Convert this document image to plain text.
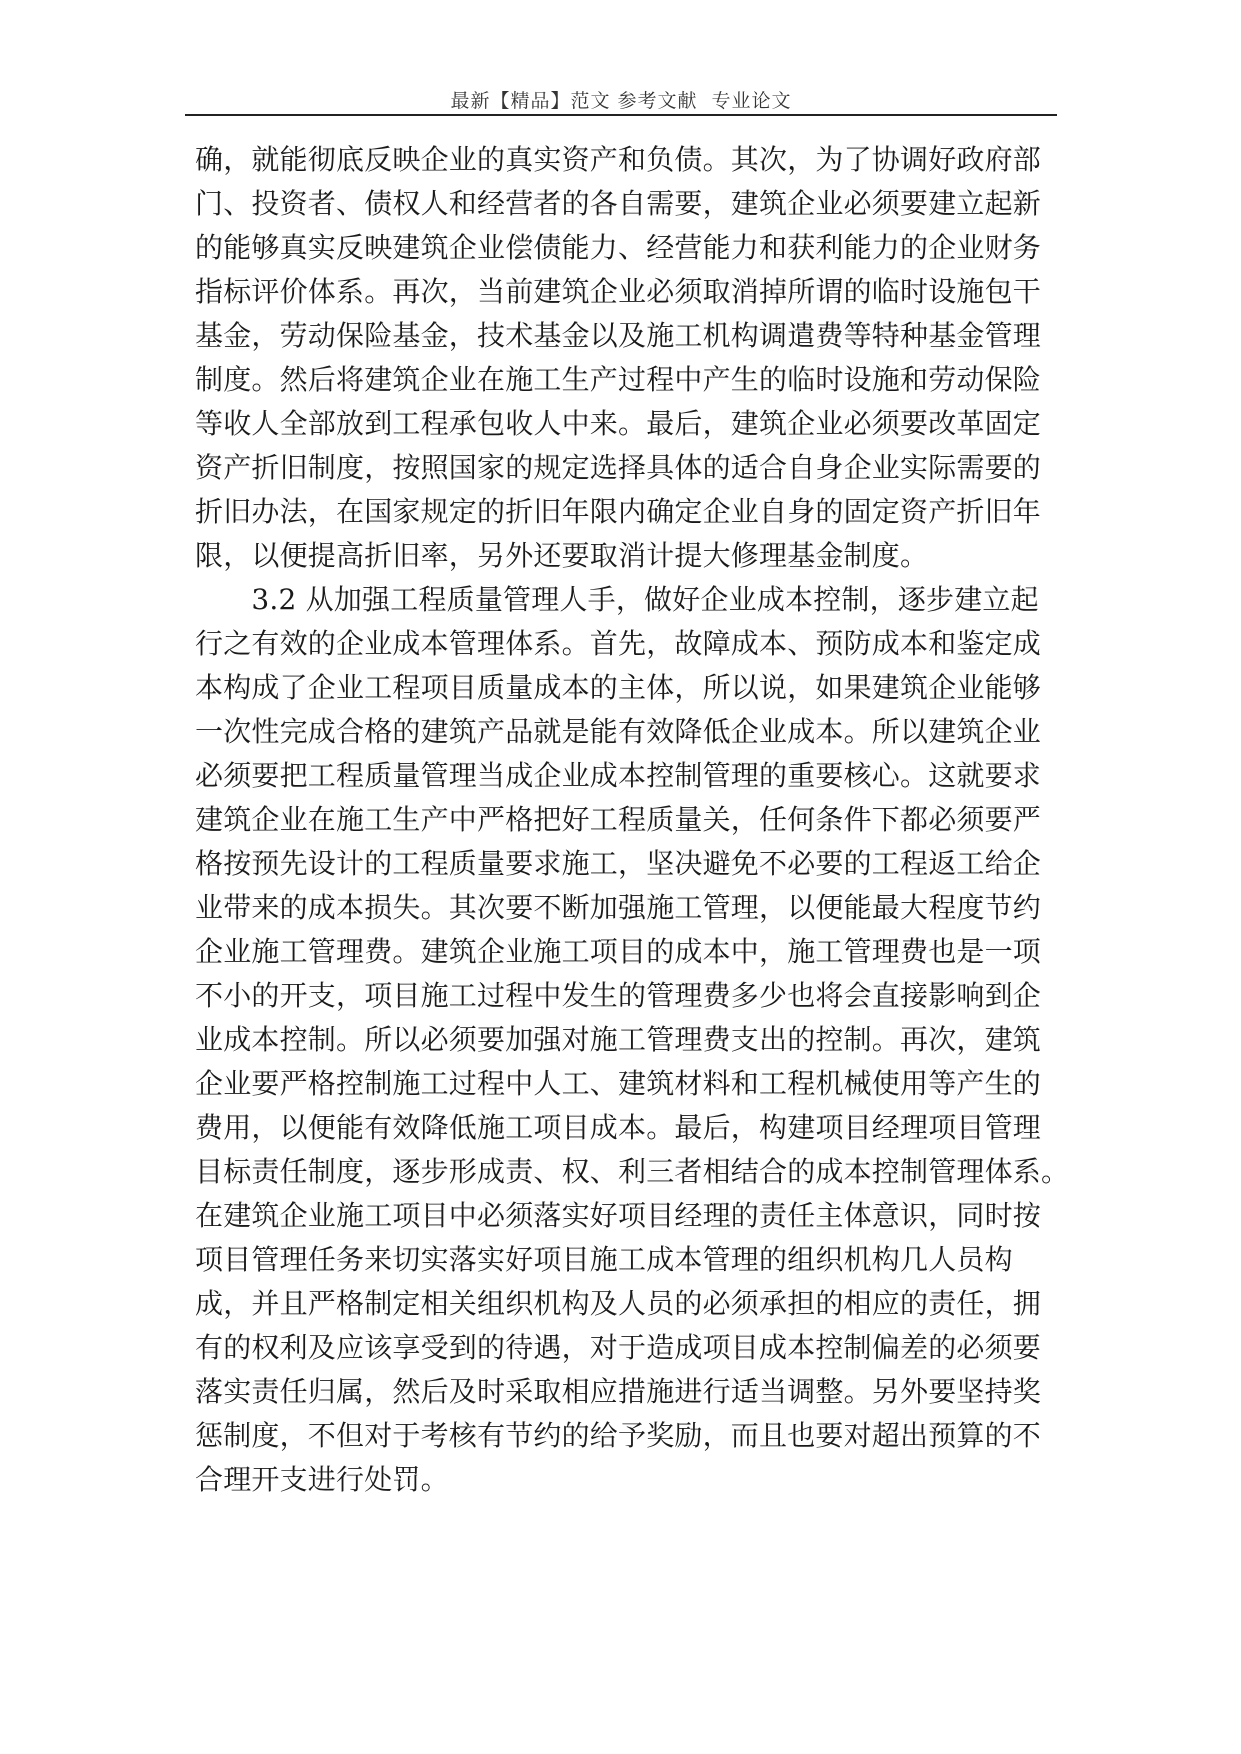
最新【精品】范文 参考文献  专业论文
确，就能彻底反映企业的真实资产和负债。其次，为了协调好政府部
门、投资者、债权人和经营者的各自需要，建筑企业必须要建立起新
的能够真实反映建筑企业偿债能力、经营能力和获利能力的企业财务
指标评价体系。再次，当前建筑企业必须取消掉所谓的临时设施包干
基金，劳动保险基金，技术基金以及施工机构调遣费等特种基金管理
制度。然后将建筑企业在施工生产过程中产生的临时设施和劳动保险
等收人全部放到工程承包收人中来。最后，建筑企业必须要改革固定
资产折旧制度，按照国家的规定选择具体的适合自身企业实际需要的
折旧办法，在国家规定的折旧年限内确定企业自身的固定资产折旧年
限，以便提高折旧率，另外还要取消计提大修理基金制度。
　　3.2 从加强工程质量管理人手，做好企业成本控制，逐步建立起
行之有效的企业成本管理体系。首先，故障成本、预防成本和鉴定成
本构成了企业工程项目质量成本的主体，所以说，如果建筑企业能够
一次性完成合格的建筑产品就是能有效降低企业成本。所以建筑企业
必须要把工程质量管理当成企业成本控制管理的重要核心。这就要求
建筑企业在施工生产中严格把好工程质量关，任何条件下都必须要严
格按预先设计的工程质量要求施工，坚决避免不必要的工程返工给企
业带来的成本损失。其次要不断加强施工管理，以便能最大程度节约
企业施工管理费。建筑企业施工项目的成本中，施工管理费也是一项
不小的开支，项目施工过程中发生的管理费多少也将会直接影响到企
业成本控制。所以必须要加强对施工管理费支出的控制。再次，建筑
企业要严格控制施工过程中人工、建筑材料和工程机械使用等产生的
费用，以便能有效降低施工项目成本。最后，构建项目经理项目管理
目标责任制度，逐步形成责、权、利三者相结合的成本控制管理体系。
在建筑企业施工项目中必须落实好项目经理的责任主体意识，同时按
项目管理任务来切实落实好项目施工成本管理的组织机构几人员构
成，并且严格制定相关组织机构及人员的必须承担的相应的责任，拥
有的权利及应该享受到的待遇，对于造成项目成本控制偏差的必须要
落实责任归属，然后及时采取相应措施进行适当调整。另外要坚持奖
惩制度，不但对于考核有节约的给予奖励，而且也要对超出预算的不
合理开支进行处罚。
